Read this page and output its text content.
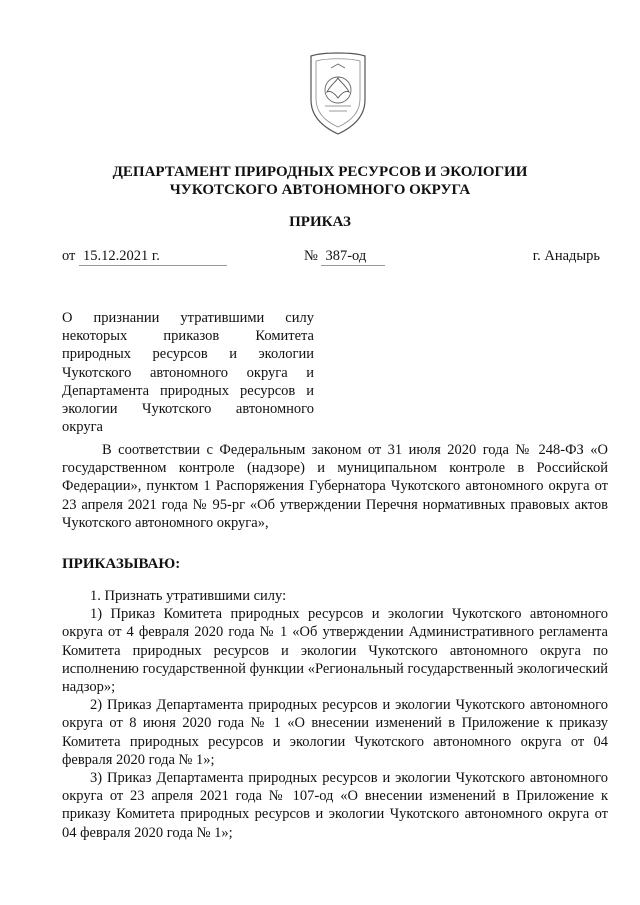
ДЕПАРТАМЕНТ ПРИРОДНЫХ РЕСУРСОВ И ЭКОЛОГИИ
ЧУКОТСКОГО АВТОНОМНОГО ОКРУГА
ПРИКАЗ
от 15.12.2021 г.	№ 387-од	г. Анадырь
О признании утратившими силу некоторых приказов Комитета природных ресурсов и экологии Чукотского автономного округа и Департамента природных ресурсов и экологии Чукотского автономного округа
В соответствии с Федеральным законом от 31 июля 2020 года № 248-ФЗ «О государственном контроле (надзоре) и муниципальном контроле в Российской Федерации», пунктом 1 Распоряжения Губернатора Чукотского автономного округа от 23 апреля 2021 года № 95-рг «Об утверждении Перечня нормативных правовых актов Чукотского автономного округа»,
ПРИКАЗЫВАЮ:

1. Признать утратившими силу:

1) Приказ Комитета природных ресурсов и экологии Чукотского автономного округа от 4 февраля 2020 года № 1 «Об утверждении Административного регламента Комитета природных ресурсов и экологии Чукотского автономного округа по исполнению государственной функции «Региональный государственный экологический надзор»;

2) Приказ Департамента природных ресурсов и экологии Чукотского автономного округа от 8 июня 2020 года № 1 «О внесении изменений в Приложение к приказу Комитета природных ресурсов и экологии Чукотского автономного округа от 04 февраля 2020 года № 1»;

3) Приказ Департамента природных ресурсов и экологии Чукотского автономного округа от 23 апреля 2021 года № 107-од «О внесении изменений в Приложение к приказу Комитета природных ресурсов и экологии Чукотского автономного округа от 04 февраля 2020 года № 1»;
